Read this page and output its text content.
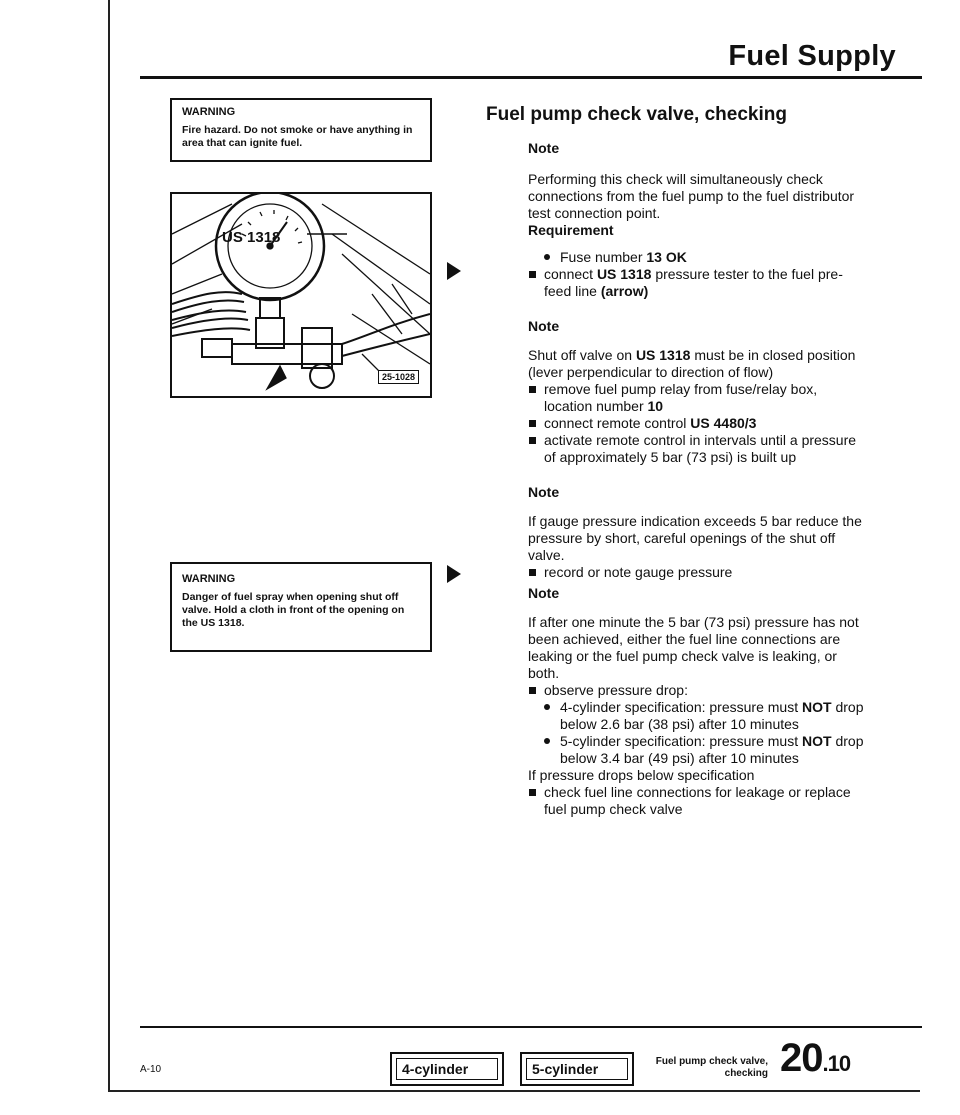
Fuel Supply
WARNING
Fire hazard. Do not smoke or have anything in area that can ignite fuel.
US 1318
25-1028
WARNING
Danger of fuel spray when opening shut off valve. Hold a cloth in front of the opening on the US 1318.
Fuel pump check valve, checking

Note

Performing this check will simultaneously check connections from the fuel pump to the fuel distributor test connection point.

Requirement

Fuse number 13 OK

connect US 1318 pressure tester to the fuel pre-feed line (arrow)

Note

Shut off valve on US 1318 must be in closed position (lever perpendicular to direction of flow)

remove fuel pump relay from fuse/relay box, location number 10

connect remote control US 4480/3

activate remote control in intervals until a pressure of approximately 5 bar (73 psi) is built up

Note

If gauge pressure indication exceeds 5 bar reduce the pressure by short, careful openings of the shut off valve.

record or note gauge pressure

Note

If after one minute the 5 bar (73 psi) pressure has not been achieved, either the fuel line connections are leaking or the fuel pump check valve is leaking, or both.

observe pressure drop:

4-cylinder specification: pressure must NOT drop below 2.6 bar (38 psi) after 10 minutes

5-cylinder specification: pressure must NOT drop below 3.4 bar (49 psi) after 10 minutes

If pressure drops below specification

check fuel line connections for leakage or replace fuel pump check valve

A-10	4-cylinder	5-cylinder	Fuel pump check valve,
checking 20.10
